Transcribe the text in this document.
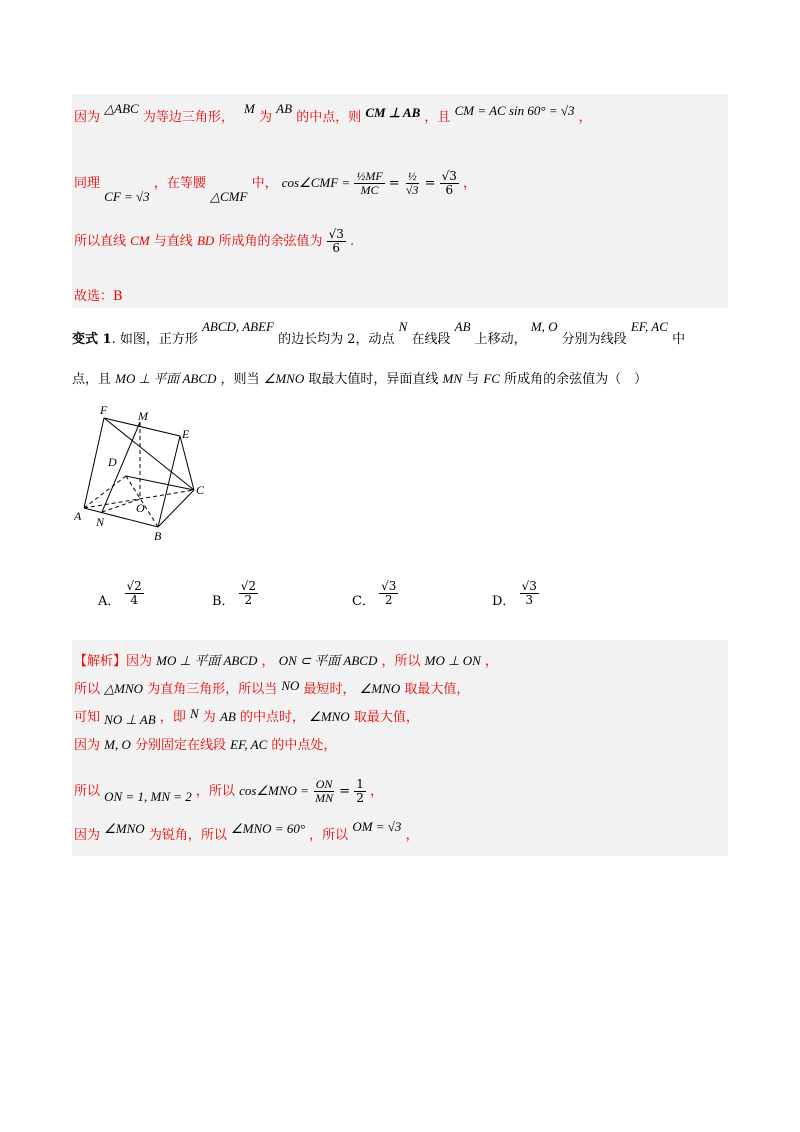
因为 △ABC 为等边三角形， M 为 AB 的中点，则 CM ⊥ AB ，且 CM = AC sin 60° = √3 ，
同理 CF = √3 ，在等腰 △CMF 中， cos∠CMF = $\frac{\text{½MF}}{MC} = \frac{\text{½}}{√3} = \frac{√3}{6}$ ，
所以直线 CM 与直线 BD 所成角的余弦值为 $\frac{√3}{6}$ .
故选：B
变式 1. 如图，正方形 ABCD, ABEF 的边长均为 2，动点 N 在线段 AB 上移动， M, O 分别为线段 EF, AC 中
点，且 MO ⊥ 平面 ABCD ，则当 ∠MNO 取最大值时，异面直线 MN 与 FC 所成角的余弦值为（　）
F	M
E
D
C
A
O
N
B
A． $\frac{√2}{4}$	B． $\frac{√2}{2}$	C． $\frac{√3}{2}$	D． $\frac{√3}{3}$
【解析】因为 MO ⊥ 平面 ABCD ， ON ⊂ 平面 ABCD ，所以 MO ⊥ ON ，
所以 △MNO 为直角三角形，所以当 NO 最短时， ∠MNO 取最大值，
可知 NO ⊥ AB ，即 N 为 AB 的中点时， ∠MNO 取最大值，
因为 M, O 分别固定在线段 EF, AC 的中点处，
所以 ON = 1, MN = 2 ，所以 cos∠MNO = $\frac{ON}{MN} = \frac{1}{2}$ ，
因为 ∠MNO 为锐角，所以 ∠MNO = 60° ，所以 OM = √3 ，
